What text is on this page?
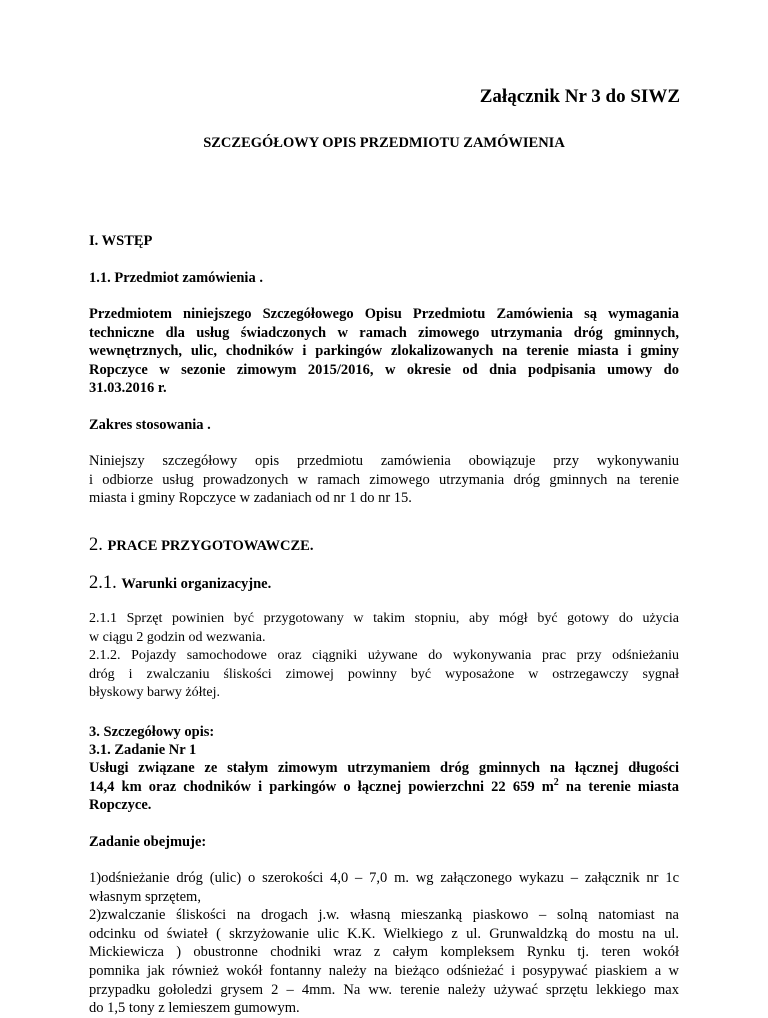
Załącznik Nr 3 do SIWZ
SZCZEGÓŁOWY OPIS PRZEDMIOTU ZAMÓWIENIA
I. WSTĘP
1.1. Przedmiot zamówienia .
Przedmiotem niniejszego Szczegółowego Opisu Przedmiotu Zamówienia są wymagania
techniczne dla usług świadczonych w ramach zimowego utrzymania dróg gminnych,
wewnętrznych, ulic, chodników i parkingów zlokalizowanych na terenie miasta i gminy
Ropczyce w sezonie zimowym 2015/2016, w okresie od dnia podpisania umowy do
31.03.2016 r.
Zakres stosowania .
Niniejszy szczegółowy opis przedmiotu zamówienia obowiązuje przy wykonywaniu
i odbiorze usług prowadzonych w ramach zimowego utrzymania dróg gminnych na terenie
miasta i gminy Ropczyce w zadaniach od nr 1 do nr 15.
2. PRACE PRZYGOTOWAWCZE.
2.1. Warunki organizacyjne.
2.1.1 Sprzęt powinien być przygotowany w takim stopniu, aby mógł być gotowy do użycia
w ciągu 2 godzin od wezwania.
2.1.2. Pojazdy samochodowe oraz ciągniki używane do wykonywania prac przy odśnieżaniu
dróg i zwalczaniu śliskości zimowej powinny być wyposażone w ostrzegawczy sygnał
błyskowy barwy żółtej.
3. Szczegółowy opis:
3.1. Zadanie Nr 1
Usługi związane ze stałym zimowym utrzymaniem dróg gminnych na łącznej długości
14,4 km oraz chodników i parkingów o łącznej powierzchni 22 659 $m^2$ na terenie miasta
Ropczyce.
Zadanie obejmuje:
1)odśnieżanie dróg (ulic) o szerokości 4,0 – 7,0 m. wg załączonego wykazu – załącznik nr 1c
własnym sprzętem,
2)zwalczanie śliskości na drogach j.w. własną mieszanką piaskowo – solną natomiast na
odcinku od świateł ( skrzyżowanie ulic K.K. Wielkiego z ul. Grunwaldzką do mostu na ul.
Mickiewicza ) obustronne chodniki wraz z całym kompleksem Rynku tj. teren wokół
pomnika jak również wokół fontanny należy na bieżąco odśnieżać i posypywać piaskiem a w
przypadku gołoledzi grysem 2 – 4mm. Na ww. terenie należy używać sprzętu lekkiego max
do 1,5 tony z lemieszem gumowym.
